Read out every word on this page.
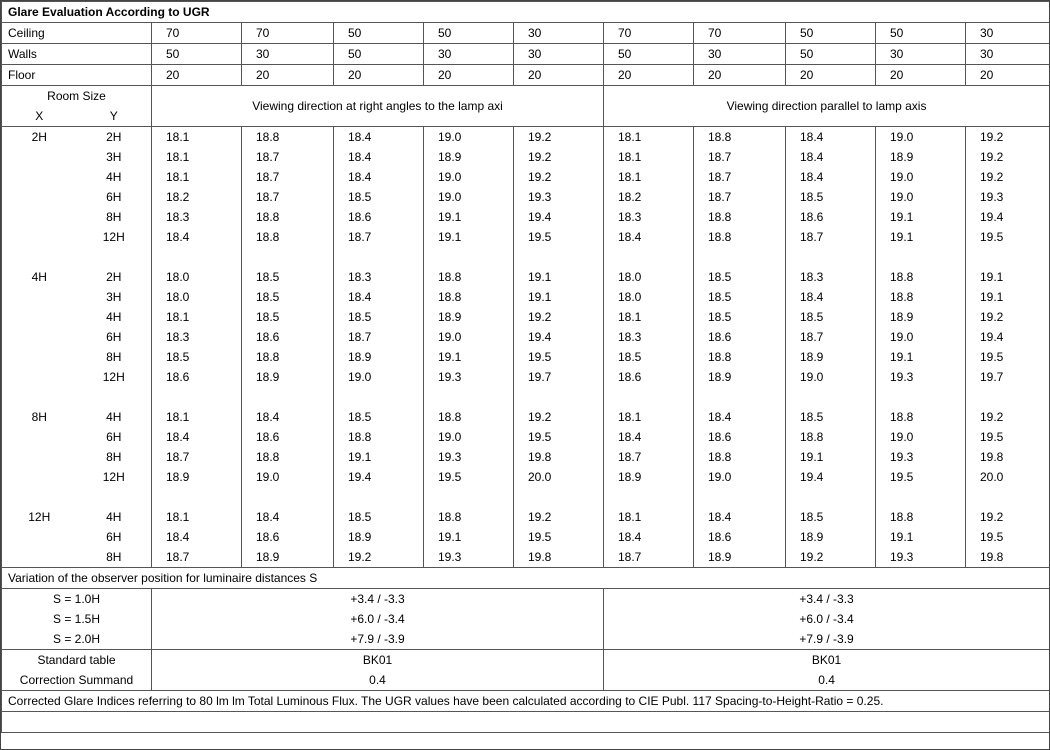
Glare Evaluation According to UGR											
Ceiling		70	70	50	50	30	70	70	50	50	30
Walls		50	30	50	30	30	50	30	50	30	30
Floor		20	20	20	20	20	20	20	20	20	20
Room Size		Viewing direction at right angles to the lamp axi					Viewing direction parallel to lamp axis				
X	Y										
2H	2H	18.1	18.8	18.4	19.0	19.2	18.1	18.8	18.4	19.0	19.2
	3H	18.1	18.7	18.4	18.9	19.2	18.1	18.7	18.4	18.9	19.2
	4H	18.1	18.7	18.4	19.0	19.2	18.1	18.7	18.4	19.0	19.2
	6H	18.2	18.7	18.5	19.0	19.3	18.2	18.7	18.5	19.0	19.3
	8H	18.3	18.8	18.6	19.1	19.4	18.3	18.8	18.6	19.1	19.4
	12H	18.4	18.8	18.7	19.1	19.5	18.4	18.8	18.7	19.1	19.5

4H	2H	18.0	18.5	18.3	18.8	19.1	18.0	18.5	18.3	18.8	19.1
	3H	18.0	18.5	18.4	18.8	19.1	18.0	18.5	18.4	18.8	19.1
	4H	18.1	18.5	18.5	18.9	19.2	18.1	18.5	18.5	18.9	19.2
	6H	18.3	18.6	18.7	19.0	19.4	18.3	18.6	18.7	19.0	19.4
	8H	18.5	18.8	18.9	19.1	19.5	18.5	18.8	18.9	19.1	19.5
	12H	18.6	18.9	19.0	19.3	19.7	18.6	18.9	19.0	19.3	19.7

8H	4H	18.1	18.4	18.5	18.8	19.2	18.1	18.4	18.5	18.8	19.2
	6H	18.4	18.6	18.8	19.0	19.5	18.4	18.6	18.8	19.0	19.5
	8H	18.7	18.8	19.1	19.3	19.8	18.7	18.8	19.1	19.3	19.8
	12H	18.9	19.0	19.4	19.5	20.0	18.9	19.0	19.4	19.5	20.0

12H	4H	18.1	18.4	18.5	18.8	19.2	18.1	18.4	18.5	18.8	19.2
	6H	18.4	18.6	18.9	19.1	19.5	18.4	18.6	18.9	19.1	19.5
	8H	18.7	18.9	19.2	19.3	19.8	18.7	18.9	19.2	19.3	19.8
Variation of the observer position for luminaire distances S											
S = 1.0H		+3.4 / -3.3					+3.4 / -3.3				
S = 1.5H		+6.0 / -3.4					+6.0 / -3.4				
S = 2.0H		+7.9 / -3.9					+7.9 / -3.9				
Standard table		BK01					BK01				
Correction Summand		0.4					0.4				
Corrected Glare Indices referring to 80 lm lm Total Luminous Flux. The UGR values have been calculated according to CIE Publ. 117 Spacing-to-Height-Ratio = 0.25.											
